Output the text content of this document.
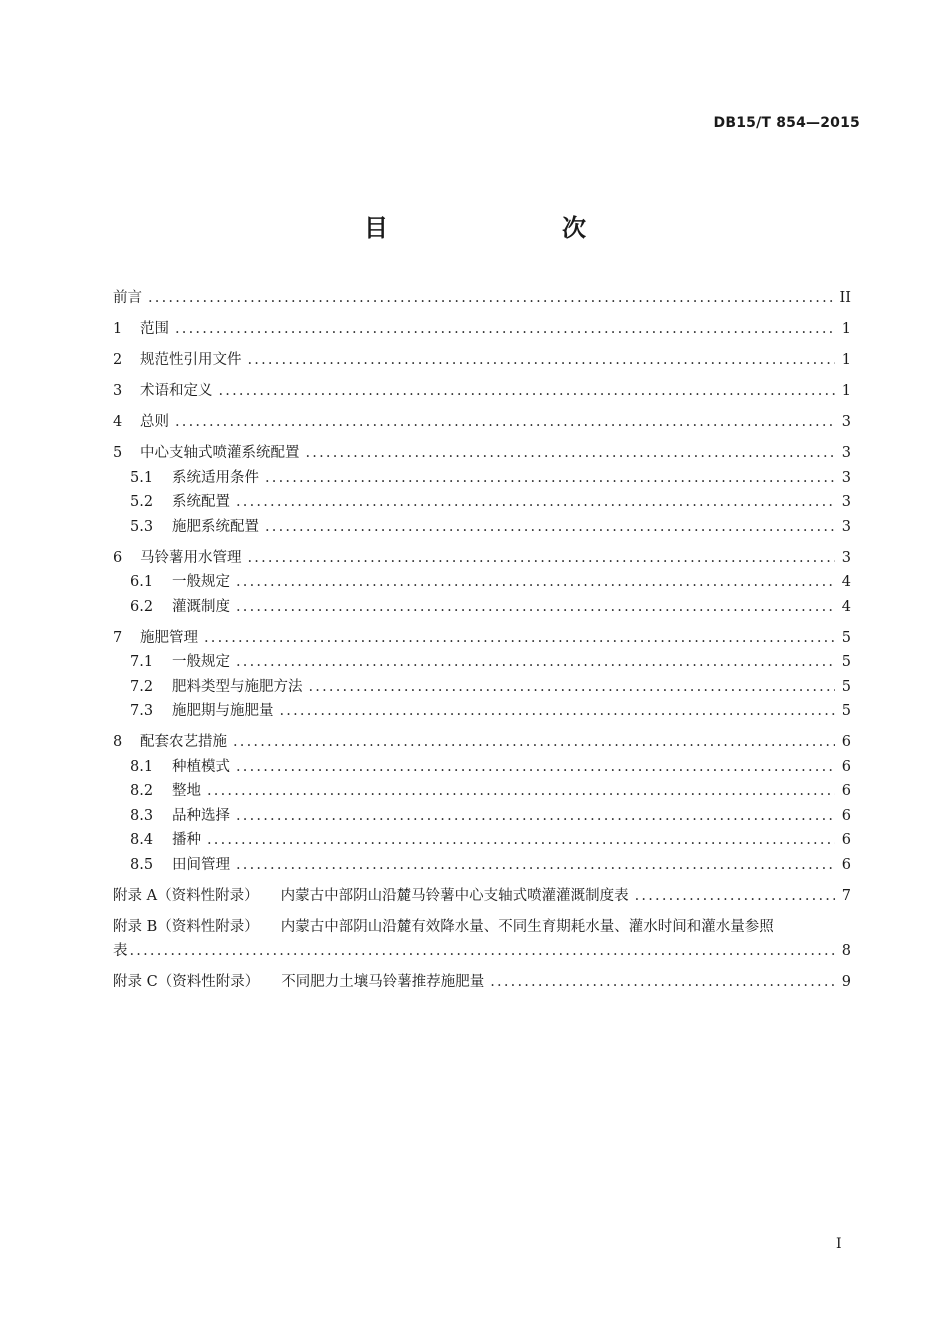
DB15/T 854—2015
目　　次
前言 .....	II
1	范围 .....	1
2	规范性引用文件 .....	1
3	术语和定义 .....	1
4	总则 .....	3
5	中心支轴式喷灌系统配置 .....	3
5.1	系统适用条件 .....	3
5.2	系统配置 .....	3
5.3	施肥系统配置 .....	3
6	马铃薯用水管理 .....	3
6.1	一般规定 .....	4
6.2	灌溉制度 .....	4
7	施肥管理 .....	5
7.1	一般规定 .....	5
7.2	肥料类型与施肥方法 .....	5
7.3	施肥期与施肥量 .....	5
8	配套农艺措施 .....	6
8.1	种植模式 .....	6
8.2	整地 .....	6
8.3	品种选择 .....	6
8.4	播种 .....	6
8.5	田间管理 .....	6
附录 A（资料性附录） 内蒙古中部阴山沿麓马铃薯中心支轴式喷灌灌溉制度表 .....	7
附录 B（资料性附录） 内蒙古中部阴山沿麓有效降水量、不同生育期耗水量、灌水时间和灌水量参照
表 .....	8
附录 C（资料性附录） 不同肥力土壤马铃薯推荐施肥量 .....	9
I
